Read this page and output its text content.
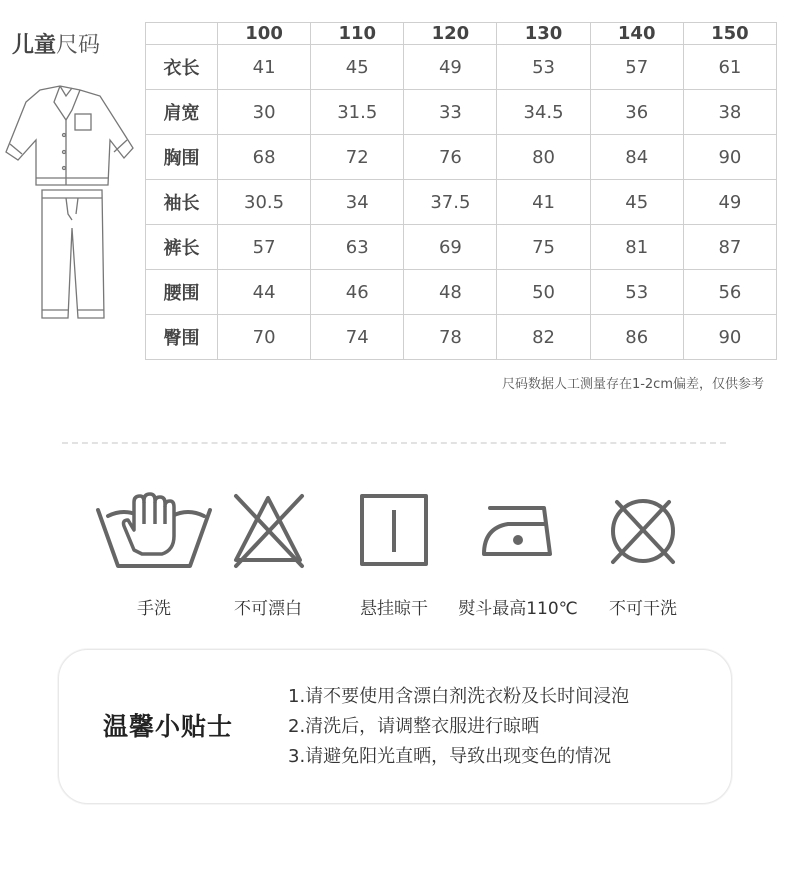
儿童尺码
		100	110	120	130	140	150
衣长	41	45	49	53	57	61
肩宽	30	31.5	33	34.5	36	38
胸围	68	72	76	80	84	90
袖长	30.5	34	37.5	41	45	49
裤长	57	63	69	75	81	87
腰围	44	46	48	50	53	56
臀围	70	74	78	82	86	90
尺码数据人工测量存在1-2cm偏差，仅供参考
手洗	不可漂白	悬挂晾干	熨斗最高110℃	不可干洗
温馨小贴士
1.请不要使用含漂白剂洗衣粉及长时间浸泡
2.清洗后，请调整衣服进行晾晒
3.请避免阳光直晒，导致出现变色的情况
